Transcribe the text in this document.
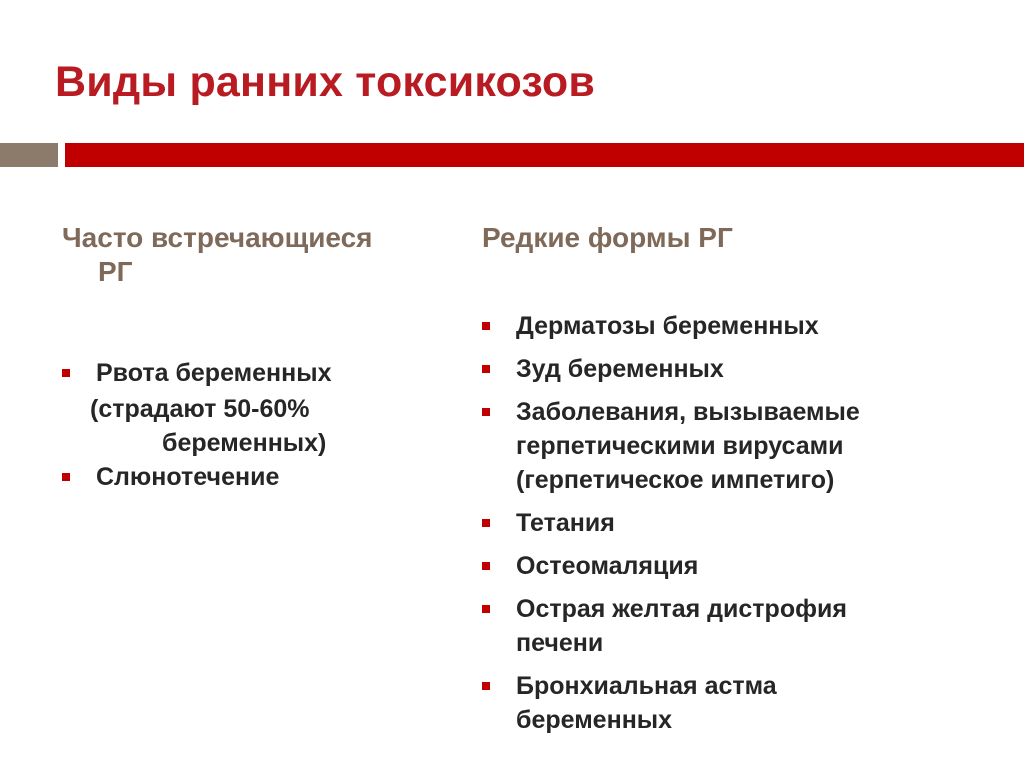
Виды ранних токсикозов
Часто встречающиеся
РГ
Рвота беременных
(страдают 50-60%
беременных)
Слюнотечение
Редкие формы РГ
Дерматозы беременных
Зуд беременных
Заболевания, вызываемые
герпетическими вирусами
(герпетическое импетиго)
Тетания
Остеомаляция
Острая желтая дистрофия
печени
Бронхиальная астма
беременных
